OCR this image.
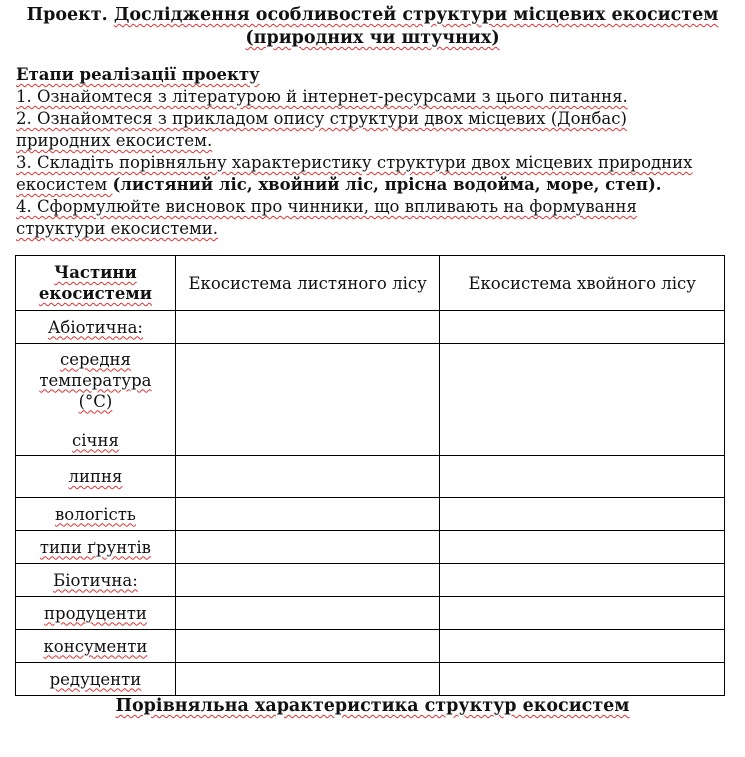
Проект. Дослідження особливостей структури місцевих екосистем
(природних чи штучних)

Етапи реалізації проекту

1. Ознайомтеся з літературою й інтернет-ресурсами з цього питання.

2. Ознайомтеся з прикладом опису структури двох місцевих (Донбас) природних екосистем.

3. Складіть порівняльну характеристику структури двох місцевих природних екосистем (листяний ліс, хвойний ліс, прісна водойма, море, степ).

4. Сформулюйте висновок про чинники, що впливають на формування структури екосистеми.

Частини екосистеми	Екосистема листяного лісу	Екосистема хвойного лісу
Абіотична:		

середня температура (°С)
січня		

липня		
вологість		
типи ґрунтів		
Біотична:		
продуценти		
консументи		
редуценти		
Порівняльна характеристика структур екосистем
